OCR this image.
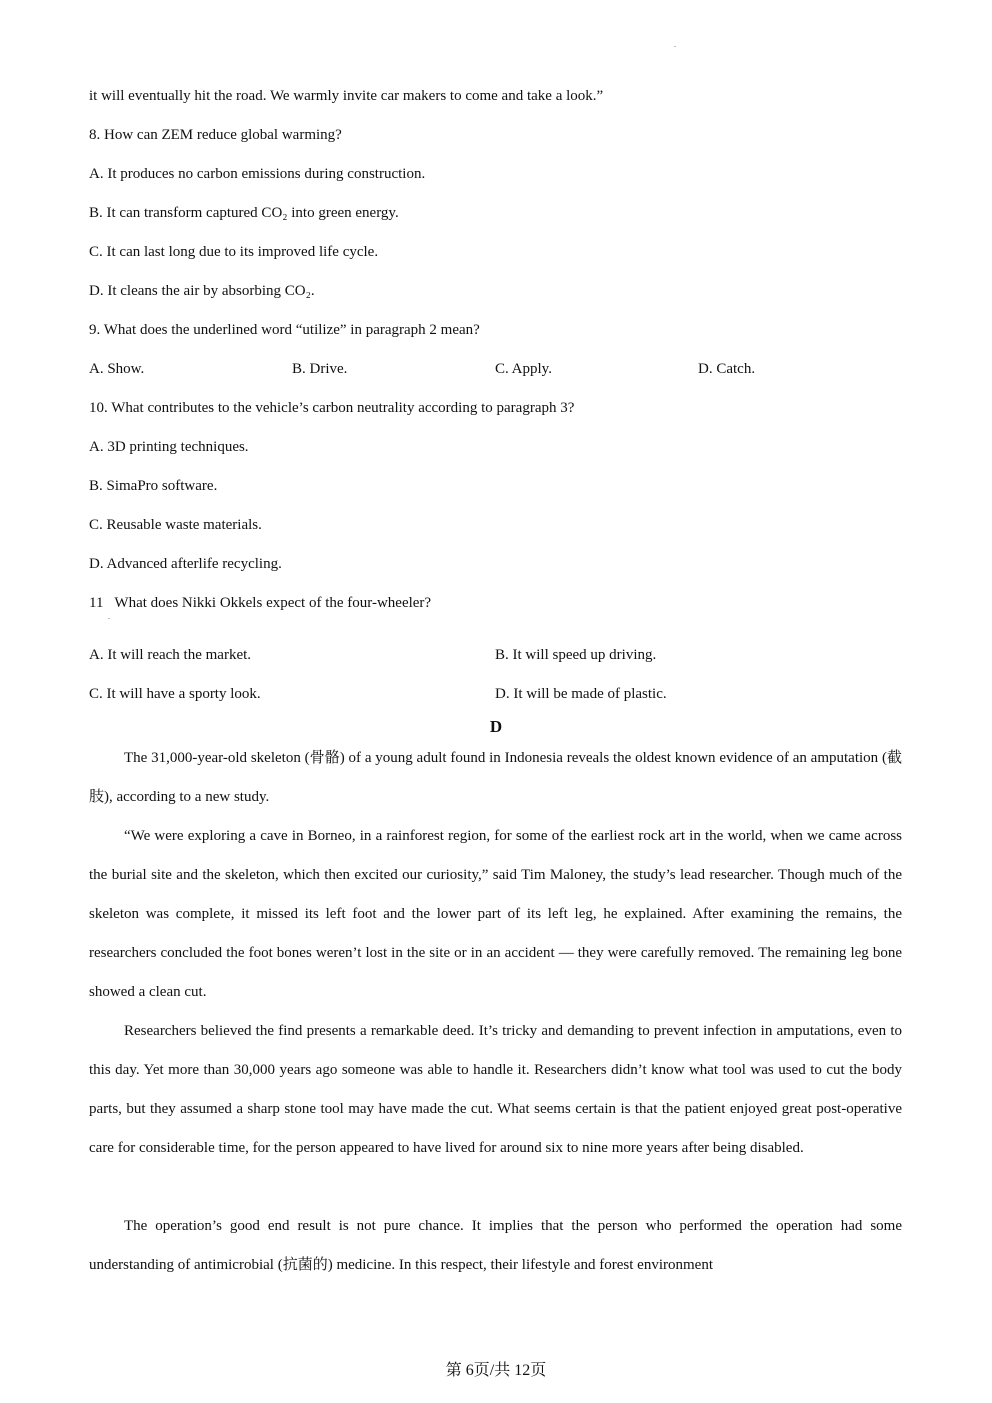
.
it will eventually hit the road. We warmly invite car makers to come and take a look.”
8. How can ZEM reduce global warming?
A. It produces no carbon emissions during construction.
B. It can transform captured CO₂ into green energy.
C. It can last long due to its improved life cycle.
D. It cleans the air by absorbing CO₂.
9. What does the underlined word “utilize” in paragraph 2 mean?
A. Show.	B. Drive.	C. Apply.	D. Catch.
10. What contributes to the vehicle’s carbon neutrality according to paragraph 3?
A. 3D printing techniques.
B. SimaPro software.
C. Reusable waste materials.
D. Advanced afterlife recycling.
11   What does Nikki Okkels expect of the four-wheeler?
.
A. It will reach the market.	B. It will speed up driving.
C. It will have a sporty look.	D. It will be made of plastic.
D

The 31,000-year-old skeleton (骨骼) of a young adult found in Indonesia reveals the oldest known evidence of an amputation (截肢), according to a new study.

“We were exploring a cave in Borneo, in a rainforest region, for some of the earliest rock art in the world, when we came across the burial site and the skeleton, which then excited our curiosity,” said Tim Maloney, the study’s lead researcher. Though much of the skeleton was complete, it missed its left foot and the lower part of its left leg, he explained. After examining the remains, the researchers concluded the foot bones weren’t lost in the site or in an accident — they were carefully removed. The remaining leg bone showed a clean cut.

Researchers believed the find presents a remarkable deed. It’s tricky and demanding to prevent infection in amputations, even to this day. Yet more than 30,000 years ago someone was able to handle it. Researchers didn’t know what tool was used to cut the body parts, but they assumed a sharp stone tool may have made the cut. What seems certain is that the patient enjoyed great post-operative care for considerable time, for the person appeared to have lived for around six to nine more years after being disabled.

The operation’s good end result is not pure chance. It implies that the person who performed the operation had some understanding of antimicrobial (抗菌的) medicine. In this respect, their lifestyle and forest environment

第 6页/共 12页
